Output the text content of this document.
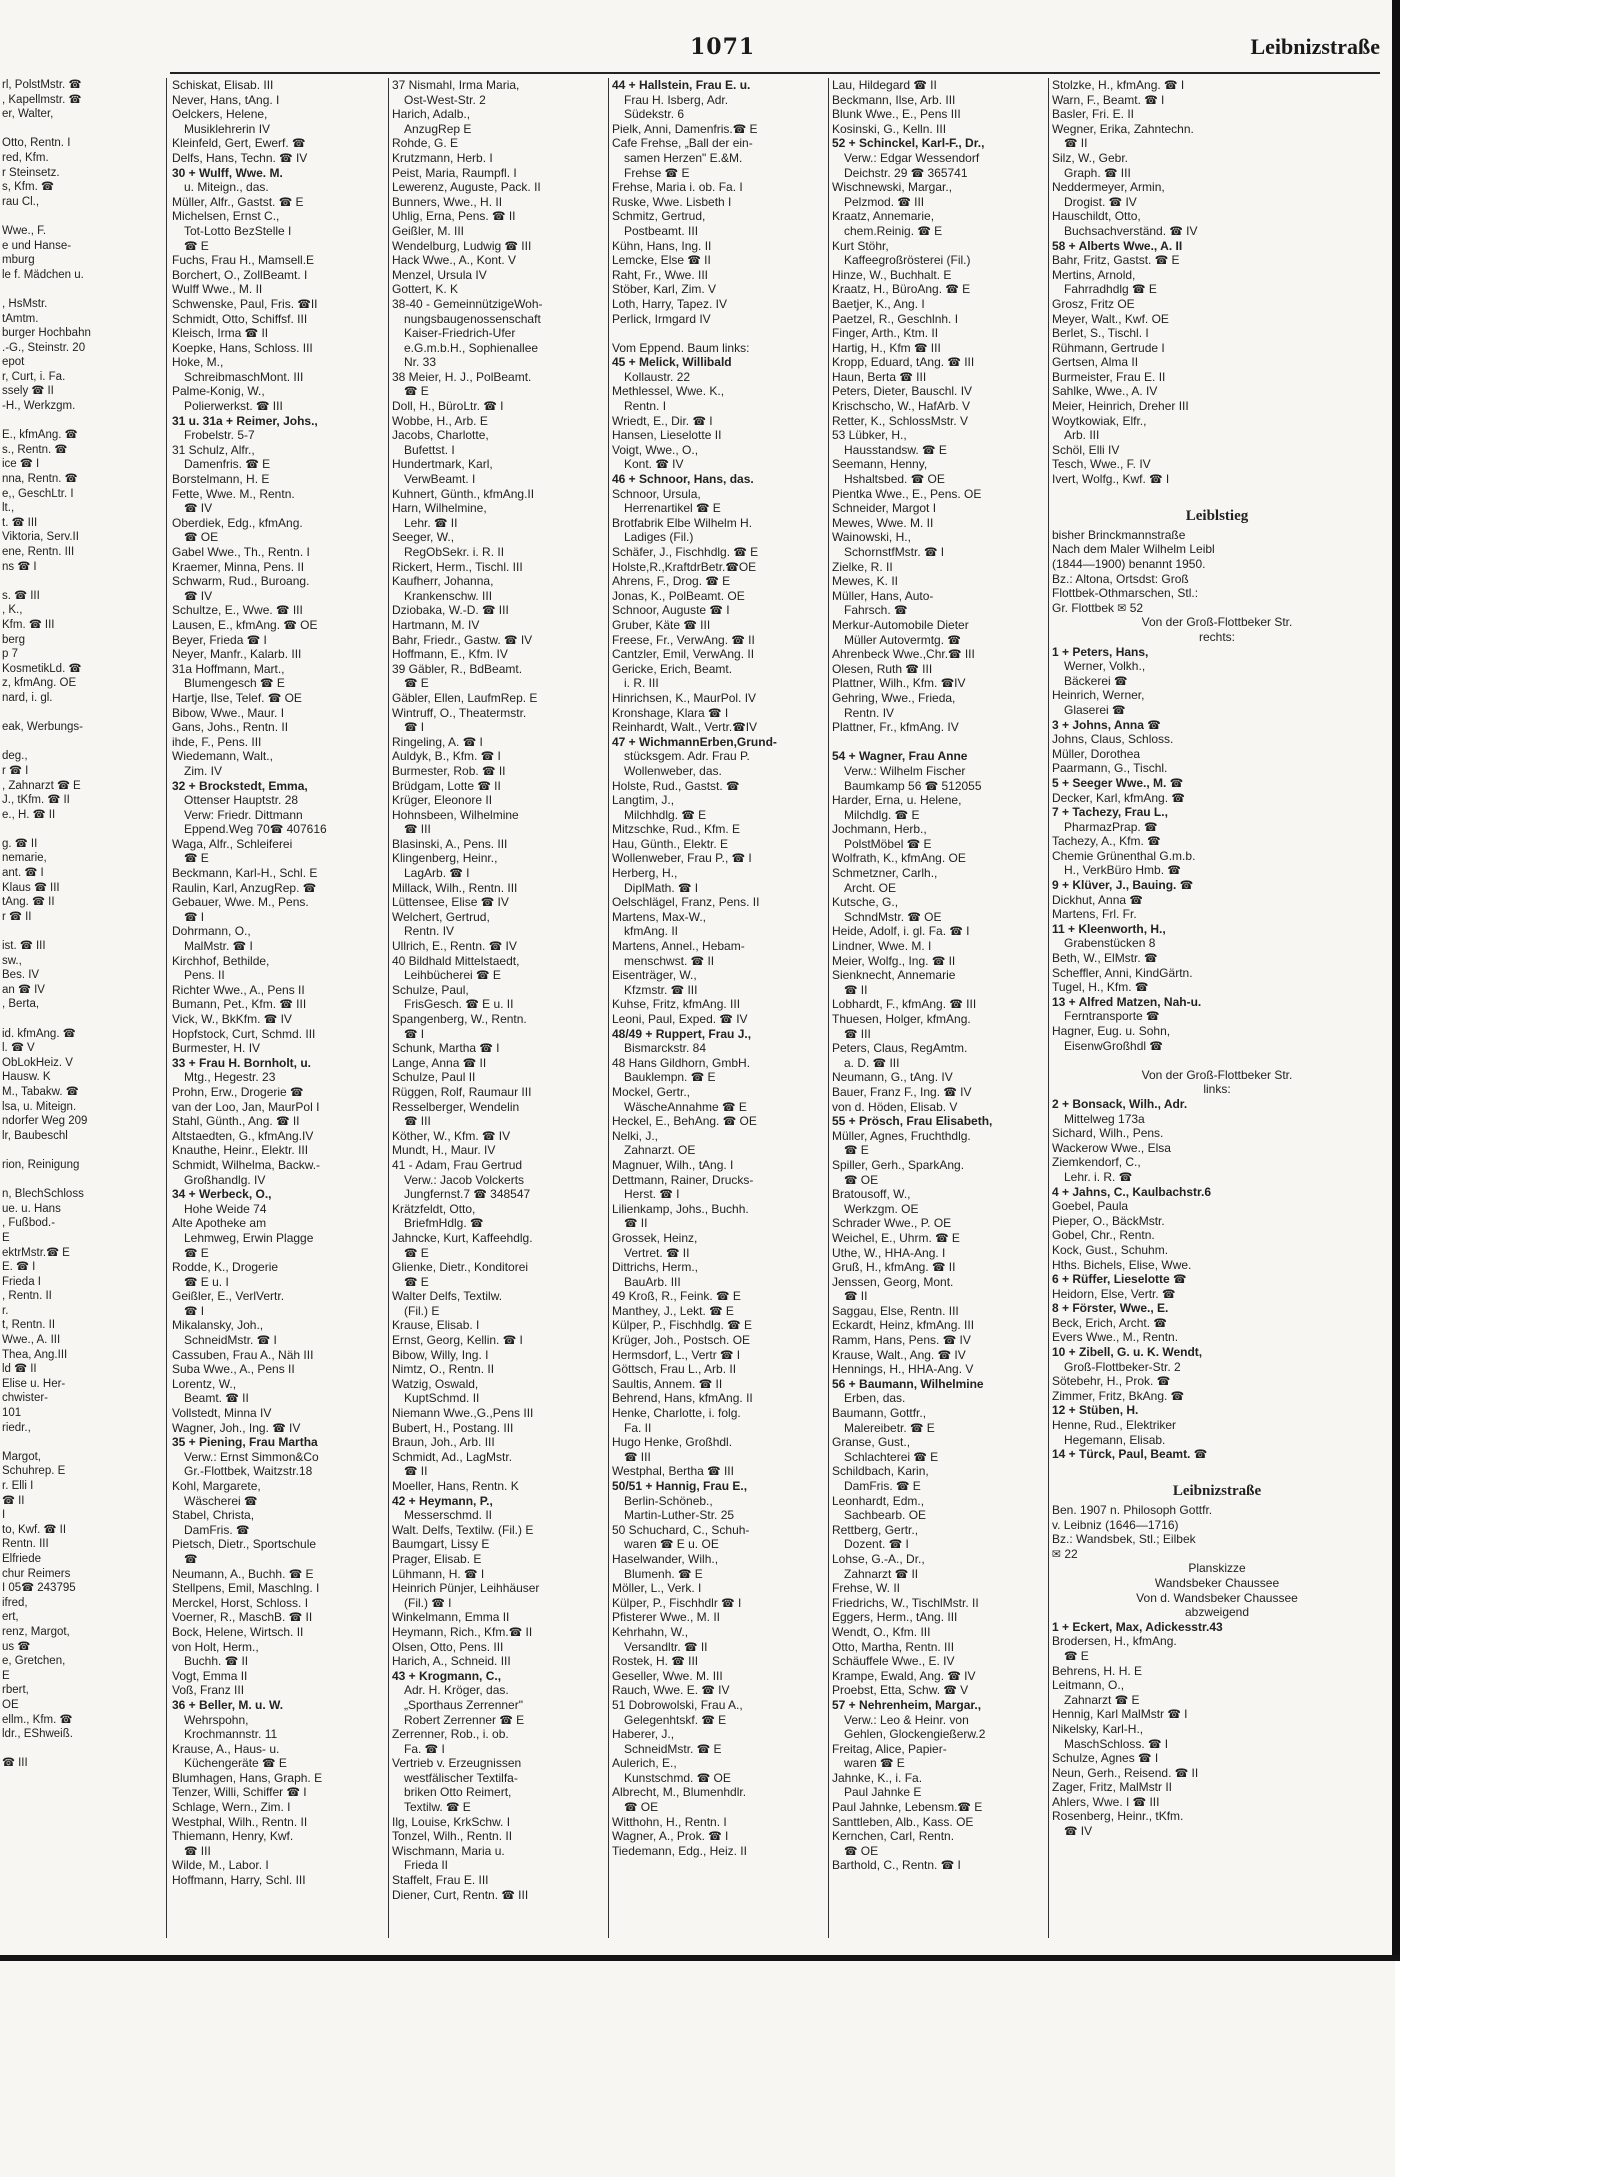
1071	Leibnizstraße
rl, PolstMstr. ☎
, Kapellmstr. ☎
er, Walter,

Otto, Rentn. I
red, Kfm.
r Steinsetz.
s, Kfm. ☎
rau Cl.,

Wwe., F.
e und Hanse-
mburg
le f. Mädchen u.

, HsMstr.
tAmtm.
burger Hochbahn
.-G., Steinstr. 20
epot
r, Curt, i. Fa.
ssely ☎ II
-H., Werkzgm.

E., kfmAng. ☎
s., Rentn. ☎
ice ☎ I
nna, Rentn. ☎
e,, GeschLtr. I
lt.,
t. ☎ III
Viktoria, Serv.II
ene, Rentn. III
ns ☎ I

s. ☎ III
, K.,
Kfm. ☎ III
berg
p 7
KosmetikLd. ☎
z, kfmAng. OE
nard, i. gl.

eak, Werbungs-

deg.,
r ☎ I
, Zahnarzt ☎ E
J., tKfm. ☎ II
e., H. ☎ II

g. ☎ II
nemarie,
ant. ☎ I
Klaus ☎ III
tAng. ☎ II
r ☎ II

ist. ☎ III
sw.,
Bes. IV
an ☎ IV
, Berta,

id. kfmAng. ☎
l. ☎ V
ObLokHeiz. V
Hausw. K
M., Tabakw. ☎
lsa, u. Miteign.
ndorfer Weg 209
lr, Baubeschl

rion, Reinigung

n, BlechSchloss
ue. u. Hans
, Fußbod.-
E
ektrMstr.☎ E
E. ☎ I
Frieda I
, Rentn. II
r.
t, Rentn. II
Wwe., A. III
Thea, Ang.III
ld ☎ II
Elise u. Her-
chwister-
101
riedr.,

Margot,
Schuhrep. E
r. Elli I
☎ II
I
to, Kwf. ☎ II
Rentn. III
Elfriede
chur Reimers
I 05☎ 243795
ifred,
ert,
renz, Margot,
us ☎
e, Gretchen,
E
rbert,
OE
ellm., Kfm. ☎
ldr., EShweiß.

☎ III
Schiskat, Elisab. III
Never, Hans, tAng. I
Oelckers, Helene,
Musiklehrerin IV
Kleinfeld, Gert, Ewerf. ☎
Delfs, Hans, Techn. ☎ IV
30 + Wulff, Wwe. M.
u. Miteign., das.
Müller, Alfr., Gastst. ☎ E
Michelsen, Ernst C.,
Tot-Lotto BezStelle I
☎ E
Fuchs, Frau H., Mamsell.E
Borchert, O., ZollBeamt. I
Wulff Wwe., M. II
Schwenske, Paul, Fris. ☎II
Schmidt, Otto, Schiffsf. III
Kleisch, Irma ☎ II
Koepke, Hans, Schloss. III
Hoke, M.,
SchreibmaschMont. III
Palme-Konig, W.,
Polierwerkst. ☎ III
31 u. 31a + Reimer, Johs.,
Frobelstr. 5-7
31 Schulz, Alfr.,
Damenfris. ☎ E
Borstelmann, H. E
Fette, Wwe. M., Rentn.
☎ IV
Oberdiek, Edg., kfmAng.
☎ OE
Gabel Wwe., Th., Rentn. I
Kraemer, Minna, Pens. II
Schwarm, Rud., Buroang.
☎ IV
Schultze, E., Wwe. ☎ III
Lausen, E., kfmAng. ☎ OE
Beyer, Frieda ☎ I
Neyer, Manfr., Kalarb. III
31a Hoffmann, Mart.,
Blumengesch ☎ E
Hartje, Ilse, Telef. ☎ OE
Bibow, Wwe., Maur. I
Gans, Johs., Rentn. II
ihde, F., Pens. III
Wiedemann, Walt.,
Zim. IV
32 + Brockstedt, Emma,
Ottenser Hauptstr. 28
Verw: Friedr. Dittmann
Eppend.Weg 70☎ 407616
Waga, Alfr., Schleiferei
☎ E
Beckmann, Karl-H., Schl. E
Raulin, Karl, AnzugRep. ☎
Gebauer, Wwe. M., Pens.
☎ I
Dohrmann, O.,
MalMstr. ☎ I
Kirchhof, Bethilde,
Pens. II
Richter Wwe., A., Pens II
Bumann, Pet., Kfm. ☎ III
Vick, W., BkKfm. ☎ IV
Hopfstock, Curt, Schmd. III
Burmester, H. IV
33 + Frau H. Bornholt, u.
Mtg., Hegestr. 23
Prohn, Erw., Drogerie ☎
van der Loo, Jan, MaurPol I
Stahl, Günth., Ang. ☎ II
Altstaedten, G., kfmAng.IV
Knauthe, Heinr., Elektr. III
Schmidt, Wilhelma, Backw.-
Großhandlg. IV
34 + Werbeck, O.,
Hohe Weide 74
Alte Apotheke am
Lehmweg, Erwin Plagge
☎ E
Rodde, K., Drogerie
☎ E u. I
Geißler, E., VerlVertr.
☎ I
Mikalansky, Joh.,
SchneidMstr. ☎ I
Cassuben, Frau A., Näh III
Suba Wwe., A., Pens II
Lorentz, W.,
Beamt. ☎ II
Vollstedt, Minna IV
Wagner, Joh., Ing. ☎ IV
35 + Piening, Frau Martha
Verw.: Ernst Simmon&Co
Gr.-Flottbek, Waitzstr.18
Kohl, Margarete,
Wäscherei ☎
Stabel, Christa,
DamFris. ☎
Pietsch, Dietr., Sportschule
☎
Neumann, A., Buchh. ☎ E
Stellpens, Emil, Maschlng. I
Merckel, Horst, Schloss. I
Voerner, R., MaschB. ☎ II
Bock, Helene, Wirtsch. II
von Holt, Herm.,
Buchh. ☎ II
Vogt, Emma II
Voß, Franz III
36 + Beller, M. u. W.
Wehrspohn,
Krochmannstr. 11
Krause, A., Haus- u.
Küchengeräte ☎ E
Blumhagen, Hans, Graph. E
Tenzer, Willi, Schiffer ☎ I
Schlage, Wern., Zim. I
Westphal, Wilh., Rentn. II
Thiemann, Henry, Kwf.
☎ III
Wilde, M., Labor. I
Hoffmann, Harry, Schl. III
37 Nismahl, Irma Maria,
Ost-West-Str. 2
Harich, Adalb.,
AnzugRep E
Rohde, G. E
Krutzmann, Herb. I
Peist, Maria, Raumpfl. I
Lewerenz, Auguste, Pack. II
Bunners, Wwe., H. II
Uhlig, Erna, Pens. ☎ II
Geißler, M. III
Wendelburg, Ludwig ☎ III
Hack Wwe., A., Kont. V
Menzel, Ursula IV
Gottert, K. K
38-40 - GemeinnützigeWoh-
nungsbaugenossenschaft
Kaiser-Friedrich-Ufer
e.G.m.b.H., Sophienallee
Nr. 33
38 Meier, H. J., PolBeamt.
☎ E
Doll, H., BüroLtr. ☎ I
Wobbe, H., Arb. E
Jacobs, Charlotte,
Bufettst. I
Hundertmark, Karl,
VerwBeamt. I
Kuhnert, Günth., kfmAng.II
Harn, Wilhelmine,
Lehr. ☎ II
Seeger, W.,
RegObSekr. i. R. II
Rickert, Herm., Tischl. III
Kaufherr, Johanna,
Krankenschw. III
Dziobaka, W.-D. ☎ III
Hartmann, M. IV
Bahr, Friedr., Gastw. ☎ IV
Hoffmann, E., Kfm. IV
39 Gäbler, R., BdBeamt.
☎ E
Gäbler, Ellen, LaufmRep. E
Wintruff, O., Theatermstr.
☎ I
Ringeling, A. ☎ I
Auldyk, B., Kfm. ☎ I
Burmester, Rob. ☎ II
Brüdgam, Lotte ☎ II
Krüger, Eleonore II
Hohnsbeen, Wilhelmine
☎ III
Blasinski, A., Pens. III
Klingenberg, Heinr.,
LagArb. ☎ I
Millack, Wilh., Rentn. III
Lüttensee, Elise ☎ IV
Welchert, Gertrud,
Rentn. IV
Ullrich, E., Rentn. ☎ IV
40 Bildhald Mittelstaedt,
Leihbücherei ☎ E
Schulze, Paul,
FrisGesch. ☎ E u. II
Spangenberg, W., Rentn.
☎ I
Schunk, Martha ☎ I
Lange, Anna ☎ II
Schulze, Paul II
Rüggen, Rolf, Raumaur III
Resselberger, Wendelin
☎ III
Köther, W., Kfm. ☎ IV
Mundt, H., Maur. IV
41 - Adam, Frau Gertrud
Verw.: Jacob Volckerts
Jungfernst.7 ☎ 348547
Krätzfeldt, Otto,
BriefmHdlg. ☎
Jahncke, Kurt, Kaffeehdlg.
☎ E
Glienke, Dietr., Konditorei
☎ E
Walter Delfs, Textilw.
(Fil.) E
Krause, Elisab. I
Ernst, Georg, Kellin. ☎ I
Bibow, Willy, Ing. I
Nimtz, O., Rentn. II
Watzig, Oswald,
KuptSchmd. II
Niemann Wwe.,G.,Pens III
Bubert, H., Postang. III
Braun, Joh., Arb. III
Schmidt, Ad., LagMstr.
☎ II
Moeller, Hans, Rentn. K
42 + Heymann, P.,
Messerschmd. II
Walt. Delfs, Textilw. (Fil.) E
Baumgart, Lissy E
Prager, Elisab. E
Lühmann, H. ☎ I
Heinrich Pünjer, Leihhäuser
(Fil.) ☎ I
Winkelmann, Emma II
Heymann, Rich., Kfm.☎ II
Olsen, Otto, Pens. III
Harich, A., Schneid. III
43 + Krogmann, C.,
Adr. H. Kröger, das.
„Sporthaus Zerrenner"
Robert Zerrenner ☎ E
Zerrenner, Rob., i. ob.
Fa. ☎ I
Vertrieb v. Erzeugnissen
westfälischer Textilfa-
briken Otto Reimert,
Textilw. ☎ E
Ilg, Louise, KrkSchw. I
Tonzel, Wilh., Rentn. II
Wischmann, Maria u.
Frieda II
Staffelt, Frau E. III
Diener, Curt, Rentn. ☎ III
44 + Hallstein, Frau E. u.
Frau H. Isberg, Adr.
Südekstr. 6
Pielk, Anni, Damenfris.☎ E
Cafe Frehse, „Ball der ein-
samen Herzen" E.&M.
Frehse ☎ E
Frehse, Maria i. ob. Fa. I
Ruske, Wwe. Lisbeth I
Schmitz, Gertrud,
Postbeamt. III
Kühn, Hans, Ing. II
Lemcke, Else ☎ II
Raht, Fr., Wwe. III
Stöber, Karl, Zim. V
Loth, Harry, Tapez. IV
Perlick, Irmgard IV

Vom Eppend. Baum links:
45 + Melick, Willibald
Kollaustr. 22
Methlessel, Wwe. K.,
Rentn. I
Wriedt, E., Dir. ☎ I
Hansen, Lieselotte II
Voigt, Wwe., O.,
Kont. ☎ IV
46 + Schnoor, Hans, das.
Schnoor, Ursula,
Herrenartikel ☎ E
Brotfabrik Elbe Wilhelm H.
Ladiges (Fil.)
Schäfer, J., Fischhdlg. ☎ E
Holste,R.,KraftdrBetr.☎OE
Ahrens, F., Drog. ☎ E
Jonas, K., PolBeamt. OE
Schnoor, Auguste ☎ I
Gruber, Käte ☎ III
Freese, Fr., VerwAng. ☎ II
Cantzler, Emil, VerwAng. II
Gericke, Erich, Beamt.
i. R. III
Hinrichsen, K., MaurPol. IV
Kronshage, Klara ☎ I
Reinhardt, Walt., Vertr.☎IV
47 + WichmannErben,Grund-
stücksgem. Adr. Frau P.
Wollenweber, das.
Holste, Rud., Gastst. ☎
Langtim, J.,
Milchhdlg. ☎ E
Mitzschke, Rud., Kfm. E
Hau, Günth., Elektr. E
Wollenweber, Frau P., ☎ I
Herberg, H.,
DiplMath. ☎ I
Oelschlägel, Franz, Pens. II
Martens, Max-W.,
kfmAng. II
Martens, Annel., Hebam-
menschwst. ☎ II
Eisenträger, W.,
Kfzmstr. ☎ III
Kuhse, Fritz, kfmAng. III
Leoni, Paul, Exped. ☎ IV
48/49 + Ruppert, Frau J.,
Bismarckstr. 84
48 Hans Gildhorn, GmbH.
Bauklempn. ☎ E
Mockel, Gertr.,
WäscheAnnahme ☎ E
Heckel, E., BehAng. ☎ OE
Nelki, J.,
Zahnarzt. OE
Magnuer, Wilh., tAng. I
Dettmann, Rainer, Drucks-
Herst. ☎ I
Lilienkamp, Johs., Buchh.
☎ II
Grossek, Heinz,
Vertret. ☎ II
Dittrichs, Herm.,
BauArb. III
49 Kroß, R., Feink. ☎ E
Manthey, J., Lekt. ☎ E
Külper, P., Fischhdlg. ☎ E
Krüger, Joh., Postsch. OE
Hermsdorf, L., Vertr ☎ I
Göttsch, Frau L., Arb. II
Saultis, Annem. ☎ II
Behrend, Hans, kfmAng. II
Henke, Charlotte, i. folg.
Fa. II
Hugo Henke, Großhdl.
☎ III
Westphal, Bertha ☎ III
50/51 + Hannig, Frau E.,
Berlin-Schöneb.,
Martin-Luther-Str. 25
50 Schuchard, C., Schuh-
waren ☎ E u. OE
Haselwander, Wilh.,
Blumenh. ☎ E
Möller, L., Verk. I
Külper, P., Fischhdlr ☎ I
Pfisterer Wwe., M. II
Kehrhahn, W.,
Versandltr. ☎ II
Rostek, H. ☎ III
Geseller, Wwe. M. III
Rauch, Wwe. E. ☎ IV
51 Dobrowolski, Frau A.,
Gelegenhtskf. ☎ E
Haberer, J.,
SchneidMstr. ☎ E
Aulerich, E.,
Kunstschmd. ☎ OE
Albrecht, M., Blumenhdlr.
☎ OE
Witthohn, H., Rentn. I
Wagner, A., Prok. ☎ I
Tiedemann, Edg., Heiz. II
Lau, Hildegard ☎ II
Beckmann, Ilse, Arb. III
Blunk Wwe., E., Pens III
Kosinski, G., Kelln. III
52 + Schinckel, Karl-F., Dr.,
Verw.: Edgar Wessendorf
Deichstr. 29 ☎ 365741
Wischnewski, Margar.,
Pelzmod. ☎ III
Kraatz, Annemarie,
chem.Reinig. ☎ E
Kurt Stöhr,
Kaffeegroßrösterei (Fil.)
Hinze, W., Buchhalt. E
Kraatz, H., BüroAng. ☎ E
Baetjer, K., Ang. I
Paetzel, R., Geschlnh. I
Finger, Arth., Ktm. II
Hartig, H., Kfm ☎ III
Kropp, Eduard, tAng. ☎ III
Haun, Berta ☎ III
Peters, Dieter, Bauschl. IV
Krischscho, W., HafArb. V
Retter, K., SchlossMstr. V
53 Lübker, H.,
Hausstandsw. ☎ E
Seemann, Henny,
Hshaltsbed. ☎ OE
Pientka Wwe., E., Pens. OE
Schneider, Margot I
Mewes, Wwe. M. II
Wainowski, H.,
SchornstfMstr. ☎ I
Zielke, R. II
Mewes, K. II
Müller, Hans, Auto-
Fahrsch. ☎
Merkur-Automobile Dieter
Müller Autovermtg. ☎
Ahrenbeck Wwe.,Chr.☎ III
Olesen, Ruth ☎ III
Plattner, Wilh., Kfm. ☎IV
Gehring, Wwe., Frieda,
Rentn. IV
Plattner, Fr., kfmAng. IV

54 + Wagner, Frau Anne
Verw.: Wilhelm Fischer
Baumkamp 56 ☎ 512055
Harder, Erna, u. Helene,
Milchdlg. ☎ E
Jochmann, Herb.,
PolstMöbel ☎ E
Wolfrath, K., kfmAng. OE
Schmetzner, Carlh.,
Archt. OE
Kutsche, G.,
SchndMstr. ☎ OE
Heide, Adolf, i. gl. Fa. ☎ I
Lindner, Wwe. M. I
Meier, Wolfg., Ing. ☎ II
Sienknecht, Annemarie
☎ II
Lobhardt, F., kfmAng. ☎ III
Thuesen, Holger, kfmAng.
☎ III
Peters, Claus, RegAmtm.
a. D. ☎ III
Neumann, G., tAng. IV
Bauer, Franz F., Ing. ☎ IV
von d. Höden, Elisab. V
55 + Prösch, Frau Elisabeth,
Müller, Agnes, Fruchthdlg.
☎ E
Spiller, Gerh., SparkAng.
☎ OE
Bratousoff, W.,
Werkzgm. OE
Schrader Wwe., P. OE
Weichel, E., Uhrm. ☎ E
Uthe, W., HHA-Ang. I
Gruß, H., kfmAng. ☎ II
Jenssen, Georg, Mont.
☎ II
Saggau, Else, Rentn. III
Eckardt, Heinz, kfmAng. III
Ramm, Hans, Pens. ☎ IV
Krause, Walt., Ang. ☎ IV
Hennings, H., HHA-Ang. V
56 + Baumann, Wilhelmine
Erben, das.
Baumann, Gottfr.,
Malereibetr. ☎ E
Granse, Gust.,
Schlachterei ☎ E
Schildbach, Karin,
DamFris. ☎ E
Leonhardt, Edm.,
Sachbearb. OE
Rettberg, Gertr.,
Dozent. ☎ I
Lohse, G.-A., Dr.,
Zahnarzt ☎ II
Frehse, W. II
Friedrichs, W., TischlMstr. II
Eggers, Herm., tAng. III
Wendt, O., Kfm. III
Otto, Martha, Rentn. III
Schäuffele Wwe., E. IV
Krampe, Ewald, Ang. ☎ IV
Proebst, Etta, Schw. ☎ V
57 + Nehrenheim, Margar.,
Verw.: Leo & Heinr. von
Gehlen, Glockengießerw.2
Freitag, Alice, Papier-
waren ☎ E
Jahnke, K., i. Fa.
Paul Jahnke E
Paul Jahnke, Lebensm.☎ E
Santtleben, Alb., Kass. OE
Kernchen, Carl, Rentn.
☎ OE
Barthold, C., Rentn. ☎ I
Stolzke, H., kfmAng. ☎ I
Warn, F., Beamt. ☎ I
Basler, Fri. E. II
Wegner, Erika, Zahntechn.
☎ II
Silz, W., Gebr.
Graph. ☎ III
Neddermeyer, Armin,
Drogist. ☎ IV
Hauschildt, Otto,
Buchsachverständ. ☎ IV
58 + Alberts Wwe., A. II
Bahr, Fritz, Gastst. ☎ E
Mertins, Arnold,
Fahrradhdlg ☎ E
Grosz, Fritz OE
Meyer, Walt., Kwf. OE
Berlet, S., Tischl. I
Rühmann, Gertrude I
Gertsen, Alma II
Burmeister, Frau E. II
Sahlke, Wwe., A. IV
Meier, Heinrich, Dreher III
Woytkowiak, Elfr.,
Arb. III
Schöl, Elli IV
Tesch, Wwe., F. IV
Ivert, Wolfg., Kwf. ☎ I

Leiblstieg
bisher Brinckmannstraße
Nach dem Maler Wilhelm Leibl
(1844—1900) benannt 1950.
Bz.: Altona, Ortsdst: Groß
Flottbek-Othmarschen, Stl.:
Gr. Flottbek ✉ 52
Von der Groß-Flottbeker Str.
rechts:
1 + Peters, Hans,
Werner, Volkh.,
Bäckerei ☎
Heinrich, Werner,
Glaserei ☎
3 + Johns, Anna ☎
Johns, Claus, Schloss.
Müller, Dorothea
Paarmann, G., Tischl.
5 + Seeger Wwe., M. ☎
Decker, Karl, kfmAng. ☎
7 + Tachezy, Frau L.,
PharmazPrap. ☎
Tachezy, A., Kfm. ☎
Chemie Grünenthal G.m.b.
H., VerkBüro Hmb. ☎
9 + Klüver, J., Bauing. ☎
Dickhut, Anna ☎
Martens, Frl. Fr.
11 + Kleenworth, H.,
Grabenstücken 8
Beth, W., ElMstr. ☎
Scheffler, Anni, KindGärtn.
Tugel, H., Kfm. ☎
13 + Alfred Matzen, Nah-u.
Ferntransporte ☎
Hagner, Eug. u. Sohn,
EisenwGroßhdl ☎

Von der Groß-Flottbeker Str.
links:
2 + Bonsack, Wilh., Adr.
Mittelweg 173a
Sichard, Wilh., Pens.
Wackerow Wwe., Elsa
Ziemkendorf, C.,
Lehr. i. R. ☎
4 + Jahns, C., Kaulbachstr.6
Goebel, Paula
Pieper, O., BäckMstr.
Gobel, Chr., Rentn.
Kock, Gust., Schuhm.
Hths. Bichels, Elise, Wwe.
6 + Rüffer, Lieselotte ☎
Heidorn, Else, Vertr. ☎
8 + Förster, Wwe., E.
Beck, Erich, Archt. ☎
Evers Wwe., M., Rentn.
10 + Zibell, G. u. K. Wendt,
Groß-Flottbeker-Str. 2
Sötebehr, H., Prok. ☎
Zimmer, Fritz, BkAng. ☎
12 + Stüben, H.
Henne, Rud., Elektriker
Hegemann, Elisab.
14 + Türck, Paul, Beamt. ☎

Leibnizstraße
Ben. 1907 n. Philosoph Gottfr.
v. Leibniz (1646—1716)
Bz.: Wandsbek, Stl.; Eilbek
✉ 22
Planskizze
Wandsbeker Chaussee
Von d. Wandsbeker Chaussee
abzweigend
1 + Eckert, Max, Adickesstr.43
Brodersen, H., kfmAng.
☎ E
Behrens, H. H. E
Leitmann, O.,
Zahnarzt ☎ E
Hennig, Karl MalMstr ☎ I
Nikelsky, Karl-H.,
MaschSchloss. ☎ I
Schulze, Agnes ☎ I
Neun, Gerh., Reisend. ☎ II
Zager, Fritz, MalMstr II
Ahlers, Wwe. I ☎ III
Rosenberg, Heinr., tKfm.
☎ IV
